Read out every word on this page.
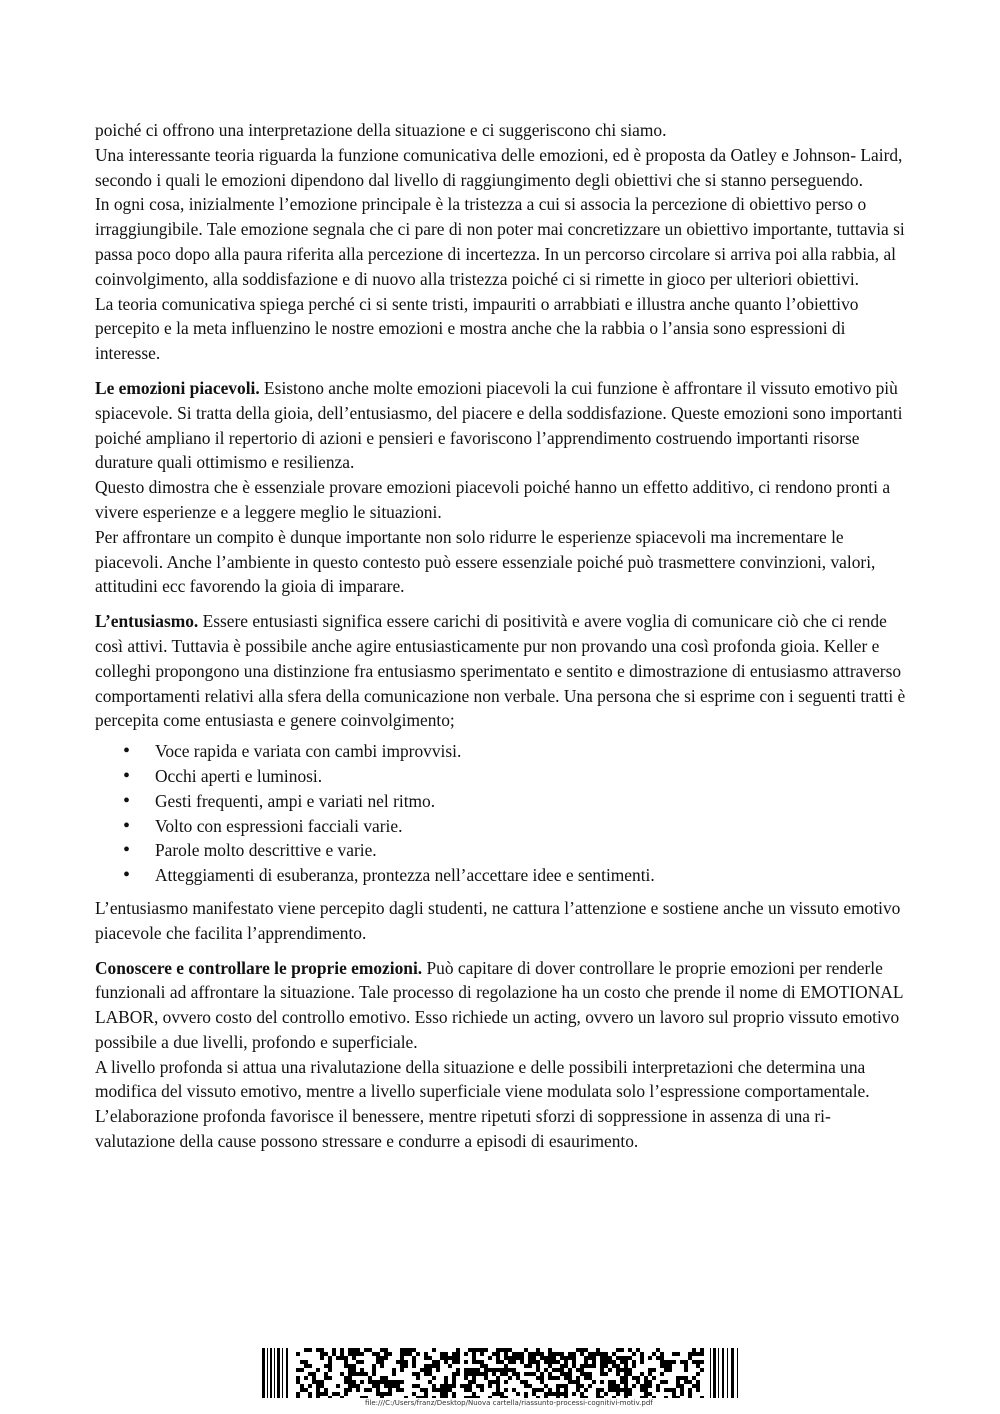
poiché ci offrono una interpretazione della situazione e ci suggeriscono chi siamo.

Una interessante teoria riguarda la funzione comunicativa delle emozioni, ed è proposta da Oatley e Johnson- Laird, secondo i quali le emozioni dipendono dal livello di raggiungimento degli obiettivi che si stanno perseguendo.

In ogni cosa, inizialmente l’emozione principale è la tristezza a cui si associa la percezione di obiettivo perso o irraggiungibile. Tale emozione segnala che ci pare di non poter mai concretizzare un obiettivo importante, tuttavia si passa poco dopo alla paura riferita alla percezione di incertezza. In un percorso circolare si arriva poi alla rabbia, al coinvolgimento, alla soddisfazione e di nuovo alla tristezza poiché ci si rimette in gioco per ulteriori obiettivi.

La teoria comunicativa spiega perché ci si sente tristi, impauriti o arrabbiati e illustra anche quanto l’obiettivo percepito e la meta influenzino le nostre emozioni e mostra anche che la rabbia o l’ansia sono espressioni di interesse.

Le emozioni piacevoli. Esistono anche molte emozioni piacevoli la cui funzione è affrontare il vissuto emotivo più spiacevole. Si tratta della gioia, dell’entusiasmo, del piacere e della soddisfazione. Queste emozioni sono importanti poiché ampliano il repertorio di azioni e pensieri e favoriscono l’apprendimento costruendo importanti risorse durature quali ottimismo e resilienza.

Questo dimostra che è essenziale provare emozioni piacevoli poiché hanno un effetto additivo, ci rendono pronti a vivere esperienze e a leggere meglio le situazioni.

Per affrontare un compito è dunque importante non solo ridurre le esperienze spiacevoli ma incrementare le piacevoli. Anche l’ambiente in questo contesto può essere essenziale poiché può trasmettere convinzioni, valori, attitudini ecc favorendo la gioia di imparare.

L’entusiasmo. Essere entusiasti significa essere carichi di positività e avere voglia di comunicare ciò che ci rende così attivi. Tuttavia è possibile anche agire entusiasticamente pur non provando una così profonda gioia. Keller e colleghi propongono una distinzione fra entusiasmo sperimentato e sentito e dimostrazione di entusiasmo attraverso comportamenti relativi alla sfera della comunicazione non verbale. Una persona che si esprime con i seguenti tratti è percepita come entusiasta e genere coinvolgimento;

• Voce rapida e variata con cambi improvvisi.
• Occhi aperti e luminosi.
• Gesti frequenti, ampi e variati nel ritmo.
• Volto con espressioni facciali varie.
• Parole molto descrittive e varie.
• Atteggiamenti di esuberanza, prontezza nell’accettare idee e sentimenti.

L’entusiasmo manifestato viene percepito dagli studenti, ne cattura l’attenzione e sostiene anche un vissuto emotivo piacevole che facilita l’apprendimento.

Conoscere e controllare le proprie emozioni. Può capitare di dover controllare le proprie emozioni per renderle funzionali ad affrontare la situazione. Tale processo di regolazione ha un costo che prende il nome di EMOTIONAL LABOR, ovvero costo del controllo emotivo. Esso richiede un acting, ovvero un lavoro sul proprio vissuto emotivo possibile a due livelli, profondo e superficiale.

A livello profonda si attua una rivalutazione della situazione e delle possibili interpretazioni che determina una modifica del vissuto emotivo, mentre a livello superficiale viene modulata solo l’espressione comportamentale.

L’elaborazione profonda favorisce il benessere, mentre ripetuti sforzi di soppressione in assenza di una ri- valutazione della cause possono stressare e condurre a episodi di esaurimento.

file:///C:/Users/franz/Desktop/Nuova cartella/riassunto-processi-cognitivi-motiv.pdf
